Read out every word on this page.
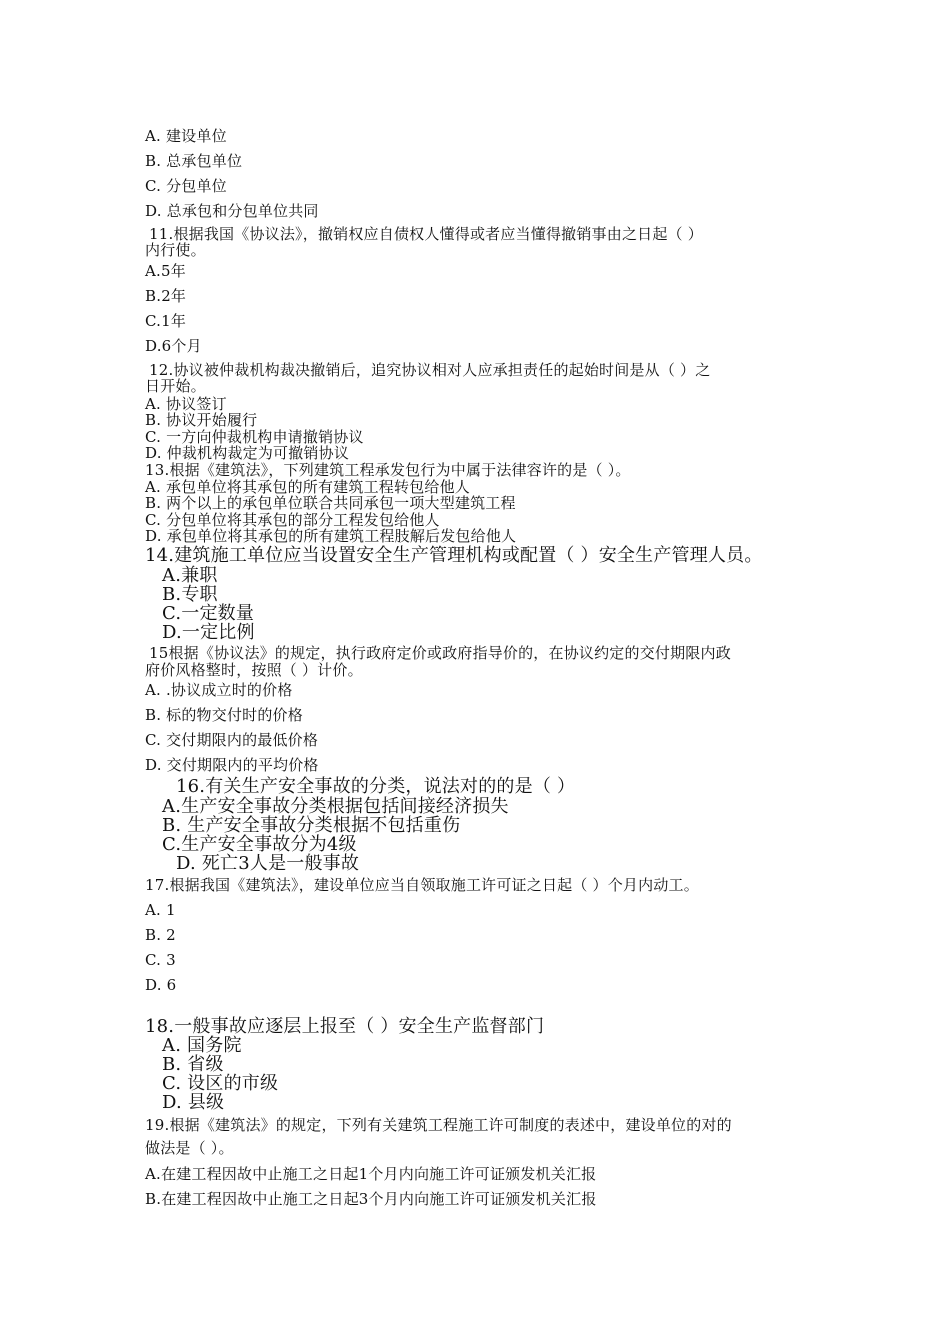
A. 建设单位
B. 总承包单位
C. 分包单位
D. 总承包和分包单位共同
11.根据我国《协议法》，撤销权应自债权人懂得或者应当懂得撤销事由之日起（ ）
内行使。
A.5年
B.2年
C.1年
D.6个月
12.协议被仲裁机构裁决撤销后，追究协议相对人应承担责任的起始时间是从（ ）之
日开始。
A. 协议签订
B. 协议开始履行
C. 一方向仲裁机构申请撤销协议
D. 仲裁机构裁定为可撤销协议
13.根据《建筑法》，下列建筑工程承发包行为中属于法律容许的是（ ）。
A. 承包单位将其承包的所有建筑工程转包给他人
B. 两个以上的承包单位联合共同承包一项大型建筑工程
C. 分包单位将其承包的部分工程发包给他人
D. 承包单位将其承包的所有建筑工程肢解后发包给他人
14.建筑施工单位应当设置安全生产管理机构或配置（ ）安全生产管理人员。
A.兼职
B.专职
C.一定数量
D.一定比例
15根据《协议法》的规定，执行政府定价或政府指导价的，在协议约定的交付期限内政
府价风格整时，按照（ ）计价。
A. .协议成立时的价格
B. 标的物交付时的价格
C. 交付期限内的最低价格
D. 交付期限内的平均价格
16.有关生产安全事故的分类，说法对的的是（ ）
A.生产安全事故分类根据包括间接经济损失
B. 生产安全事故分类根据不包括重伤
C.生产安全事故分为4级
D. 死亡3人是一般事故
17.根据我国《建筑法》，建设单位应当自领取施工许可证之日起（ ）个月内动工。
A. 1
B. 2
C. 3
D. 6
18.一般事故应逐层上报至（ ）安全生产监督部门
A. 国务院
B. 省级
C. 设区的市级
D. 县级
19.根据《建筑法》的规定，下列有关建筑工程施工许可制度的表述中，建设单位的对的
做法是（ ）。
A.在建工程因故中止施工之日起1个月内向施工许可证颁发机关汇报
B.在建工程因故中止施工之日起3个月内向施工许可证颁发机关汇报
